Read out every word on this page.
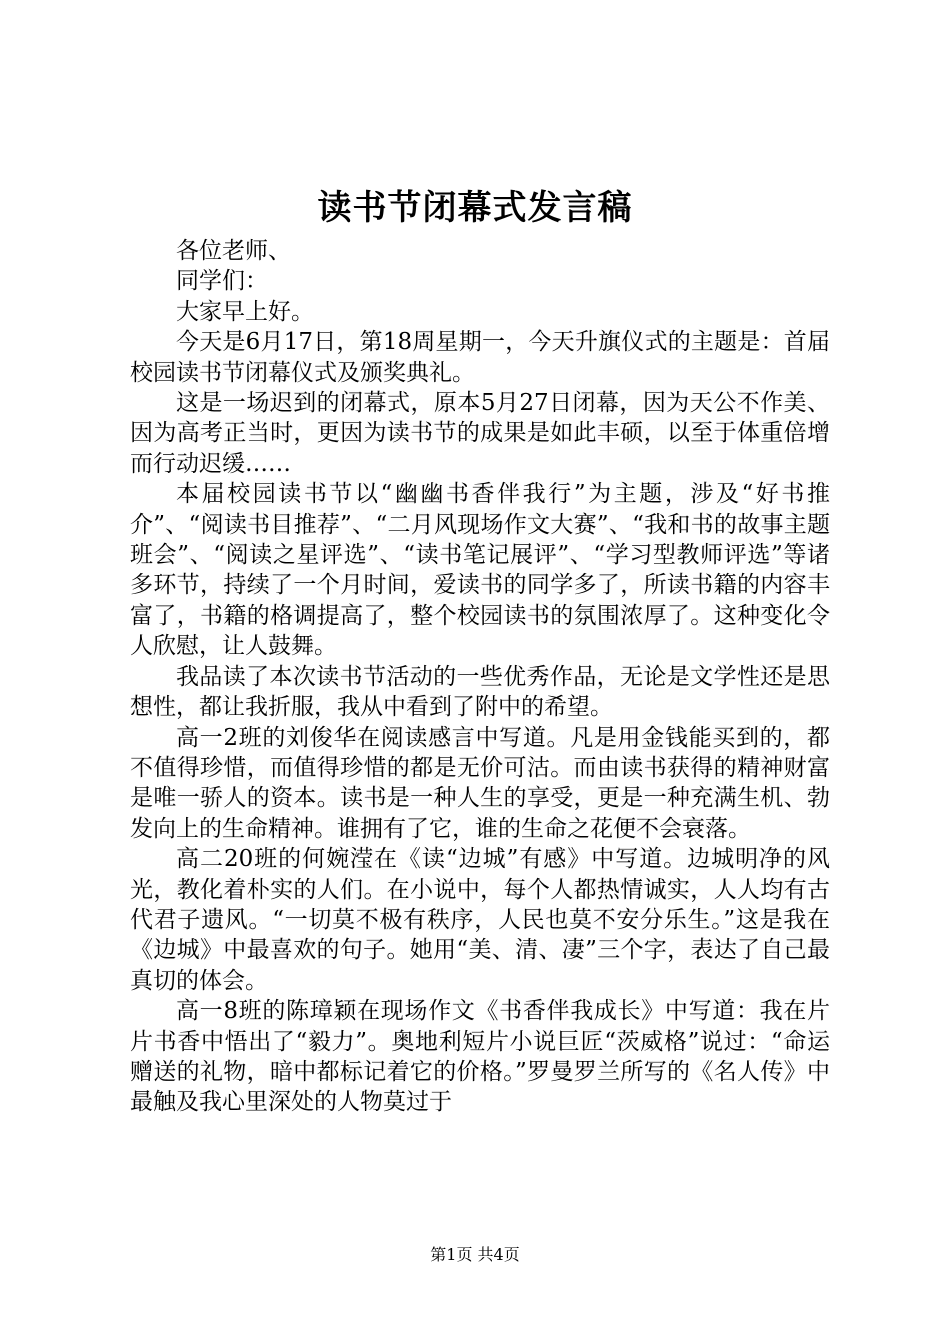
读书节闭幕式发言稿

各位老师、

同学们：

大家早上好。

今天是6月17日，第18周星期一，今天升旗仪式的主题是：首届校园读书节闭幕仪式及颁奖典礼。

这是一场迟到的闭幕式，原本5月27日闭幕，因为天公不作美、因为高考正当时，更因为读书节的成果是如此丰硕，以至于体重倍增而行动迟缓……

本届校园读书节以“幽幽书香伴我行”为主题，涉及“好书推介”、“阅读书目推荐”、“二月风现场作文大赛”、“我和书的故事主题班会”、“阅读之星评选”、“读书笔记展评”、“学习型教师评选”等诸多环节，持续了一个月时间，爱读书的同学多了，所读书籍的内容丰富了，书籍的格调提高了，整个校园读书的氛围浓厚了。这种变化令人欣慰，让人鼓舞。

我品读了本次读书节活动的一些优秀作品，无论是文学性还是思想性，都让我折服，我从中看到了附中的希望。

高一2班的刘俊华在阅读感言中写道。凡是用金钱能买到的，都不值得珍惜，而值得珍惜的都是无价可沽。而由读书获得的精神财富是唯一骄人的资本。读书是一种人生的享受，更是一种充满生机、勃发向上的生命精神。谁拥有了它，谁的生命之花便不会衰落。

高二20班的何婉滢在《读“边城”有感》中写道。边城明净的风光，教化着朴实的人们。在小说中，每个人都热情诚实，人人均有古代君子遗风。“一切莫不极有秩序，人民也莫不安分乐生。”这是我在《边城》中最喜欢的句子。她用“美、清、凄”三个字，表达了自己最真切的体会。

高一8班的陈璋颖在现场作文《书香伴我成长》中写道：我在片片书香中悟出了“毅力”。奥地利短片小说巨匠“茨威格”说过：“命运赠送的礼物，暗中都标记着它的价格。”罗曼罗兰所写的《名人传》中最触及我心里深处的人物莫过于

第1页 共4页
